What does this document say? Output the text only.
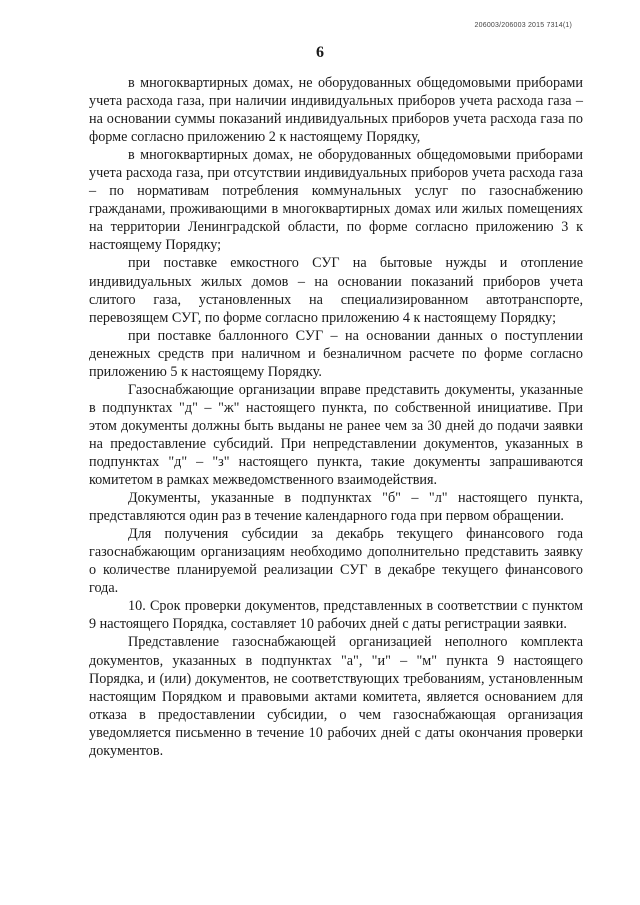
206003/206003 2015 7314(1)
6

в многоквартирных домах, не оборудованных общедомовыми приборами учета расхода газа, при наличии индивидуальных приборов учета расхода газа – на основании суммы показаний индивидуальных приборов учета расхода газа по форме согласно приложению 2 к настоящему Порядку,

в многоквартирных домах, не оборудованных общедомовыми приборами учета расхода газа, при отсутствии индивидуальных приборов учета расхода газа – по нормативам потребления коммунальных услуг по газоснабжению гражданами, проживающими в многоквартирных домах или жилых помещениях на территории Ленинградской области, по форме согласно приложению 3 к настоящему Порядку;

при поставке емкостного СУГ на бытовые нужды и отопление индивидуальных жилых домов – на основании показаний приборов учета слитого газа, установленных на специализированном автотранспорте, перевозящем СУГ, по форме согласно приложению 4 к настоящему Порядку;

при поставке баллонного СУГ – на основании данных о поступлении денежных средств при наличном и безналичном расчете по форме согласно приложению 5 к настоящему Порядку.

Газоснабжающие организации вправе представить документы, указанные в подпунктах "д" – "ж" настоящего пункта, по собственной инициативе. При этом документы должны быть выданы не ранее чем за 30 дней до подачи заявки на предоставление субсидий. При непредставлении документов, указанных в подпунктах "д" – "з" настоящего пункта, такие документы запрашиваются комитетом в рамках межведомственного взаимодействия.

Документы, указанные в подпунктах "б" – "л" настоящего пункта, представляются один раз в течение календарного года при первом обращении.

Для получения субсидии за декабрь текущего финансового года газоснабжающим организациям необходимо дополнительно представить заявку о количестве планируемой реализации СУГ в декабре текущего финансового года.

10. Срок проверки документов, представленных в соответствии с пунктом 9 настоящего Порядка, составляет 10 рабочих дней с даты регистрации заявки.

Представление газоснабжающей организацией неполного комплекта документов, указанных в подпунктах "а", "и" – "м" пункта 9 настоящего Порядка, и (или) документов, не соответствующих требованиям, установленным настоящим Порядком и правовыми актами комитета, является основанием для отказа в предоставлении субсидии, о чем газоснабжающая организация уведомляется письменно в течение 10 рабочих дней с даты окончания проверки документов.
